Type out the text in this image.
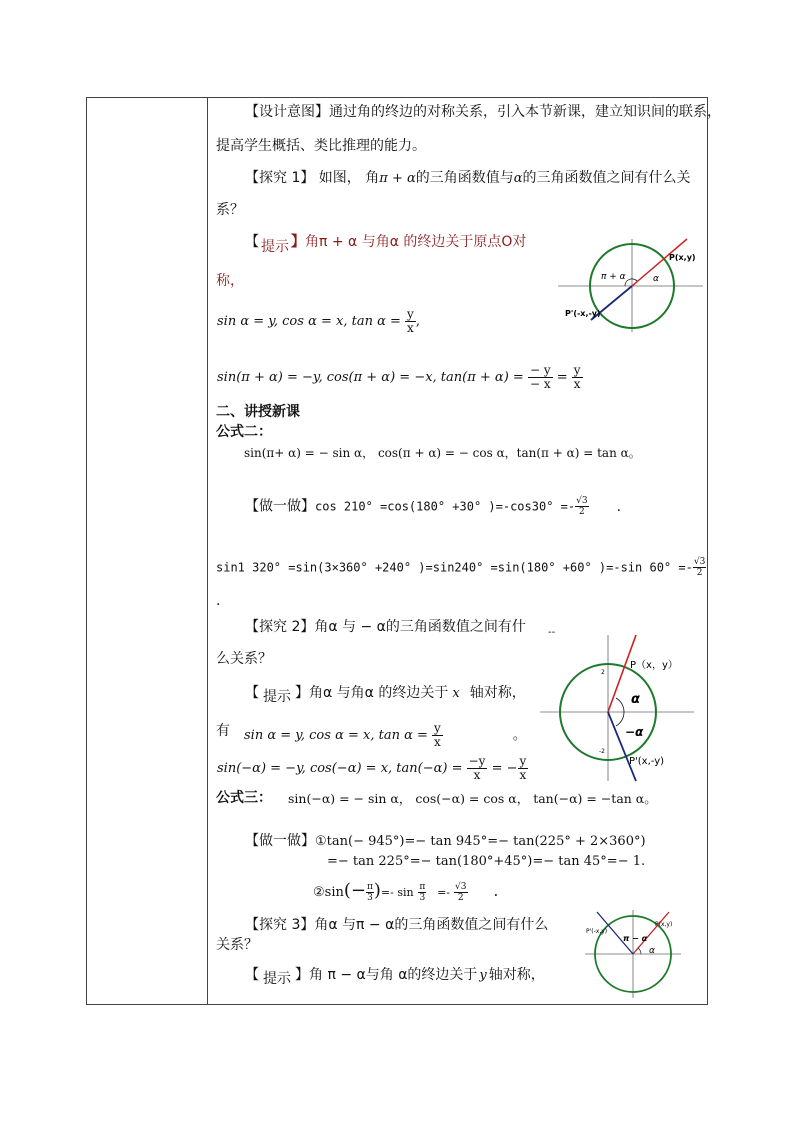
【设计意图】通过角的终边的对称关系，引入本节新课，建立知识间的联系，
提高学生概括、类比推理的能力。
【探究 1】 如图， 角π + α的三角函数值与α的三角函数值之间有什么关
系？
【 提示 】角π + α 与角α 的终边关于原点O对
称，
sin α = y, cos α = x, $\tan \alpha = \frac{y}{x}$ ,
sin(π + α) = −y, cos(π + α) = −x, $\tan(\pi + \alpha) = \frac{- y}{- x} = \frac{y}{x}$
P(x,y)
P'(-x,-y)
π + α	α
二、讲授新课
公式二：
sin(π+ α) = − sin α， cos(π + α) = − cos α，tan(π + α) = tan α。
【做一做】cos 210° =cos(180° +30° )$=-\cos 30^\circ =- \frac{√3}{2}$ .
sin1 320° =sin(3×360° +240° )=sin240° =sin(180° +60° )=-sin $60^\circ =- \frac{√3}{2}$
.
【探究 2】角α 与 − α的三角函数值之间有什 --
么关系？
【 提示 】角α 与角α 的终边关于 x 轴对称，
有 sin α = y, cos α = x, $\tan \alpha = \frac{y}{x}$	。
sin(−α) = −y, cos(−α) = x, $\tan(-\alpha) = \frac{-y}{x}$ = − $\frac{y}{x}$
P（x，y）
P'(x,-y)
α
−α
2
-2
公式三： sin(−α) = − sin α， cos(−α) = cos α， tan(−α) = −tan α。
【做一做】①tan(− 945°)=− tan 945°=− tan(225° + 2×360°)
=− tan 225°=− tan(180°+45°)=− tan 45°=− 1.
②sin(− $\frac{\pi}{3}$ )=- $\sin \frac{\pi}{3} =- \frac{√3}{2}$ .
【探究 3】角α 与π − α的三角函数值之间有什么
关系？
【 提示 】角 π − α与角 α的终边关于 y 轴对称，
P(x,y)
P'(-x,y)
π − α
α
